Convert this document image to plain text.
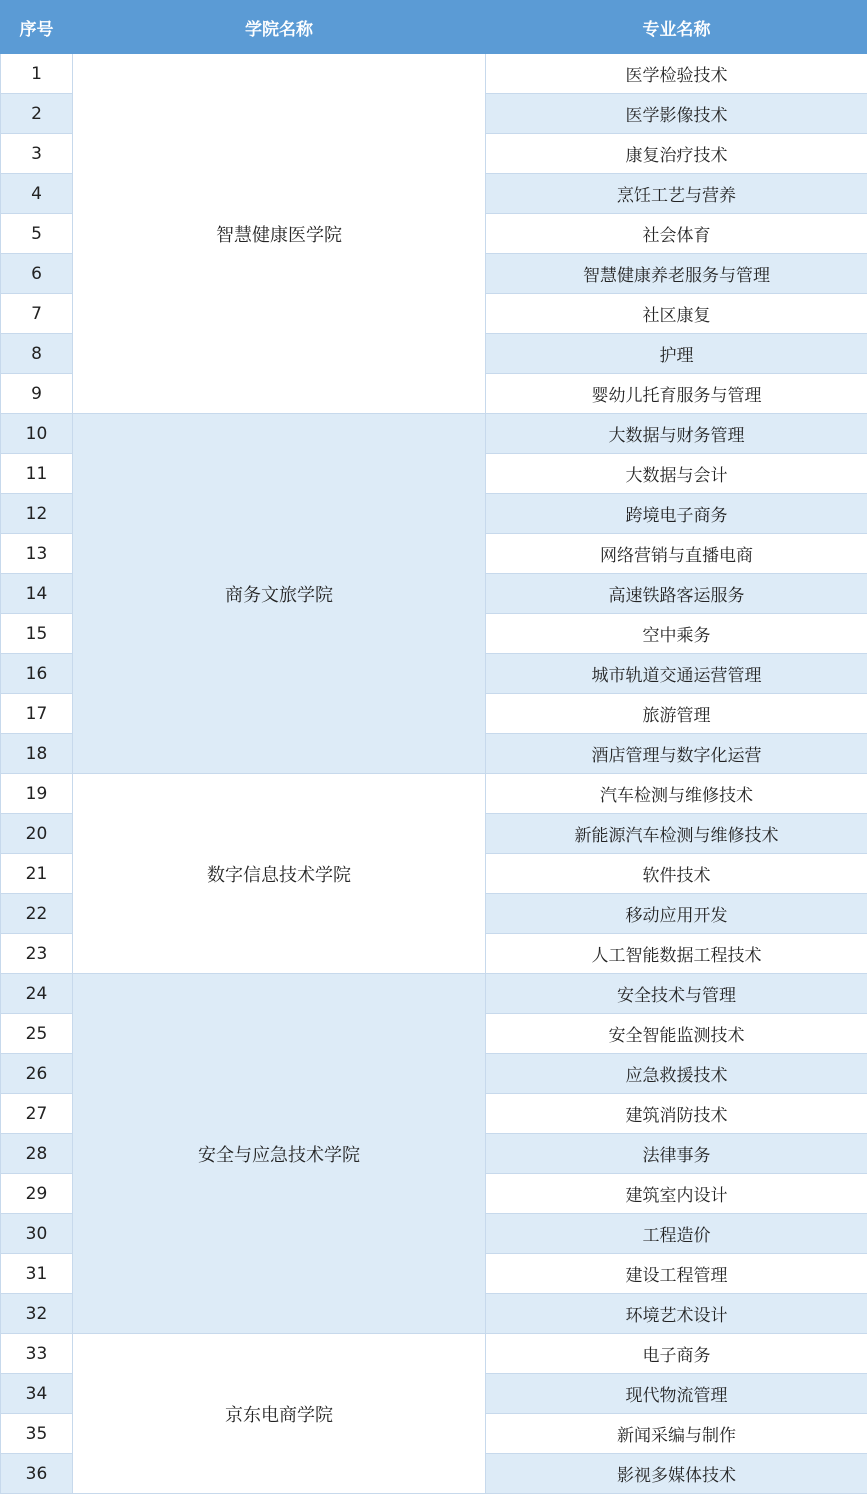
序号	学院名称	专业名称
1	智慧健康医学院	医学检验技术
2		医学影像技术
3		康复治疗技术
4		烹饪工艺与营养
5		社会体育
6		智慧健康养老服务与管理
7		社区康复
8		护理
9		婴幼儿托育服务与管理
10	商务文旅学院	大数据与财务管理
11		大数据与会计
12		跨境电子商务
13		网络营销与直播电商
14		高速铁路客运服务
15		空中乘务
16		城市轨道交通运营管理
17		旅游管理
18		酒店管理与数字化运营
19	数字信息技术学院	汽车检测与维修技术
20		新能源汽车检测与维修技术
21		软件技术
22		移动应用开发
23		人工智能数据工程技术
24	安全与应急技术学院	安全技术与管理
25		安全智能监测技术
26		应急救援技术
27		建筑消防技术
28		法律事务
29		建筑室内设计
30		工程造价
31		建设工程管理
32		环境艺术设计
33	京东电商学院	电子商务
34		现代物流管理
35		新闻采编与制作
36		影视多媒体技术
